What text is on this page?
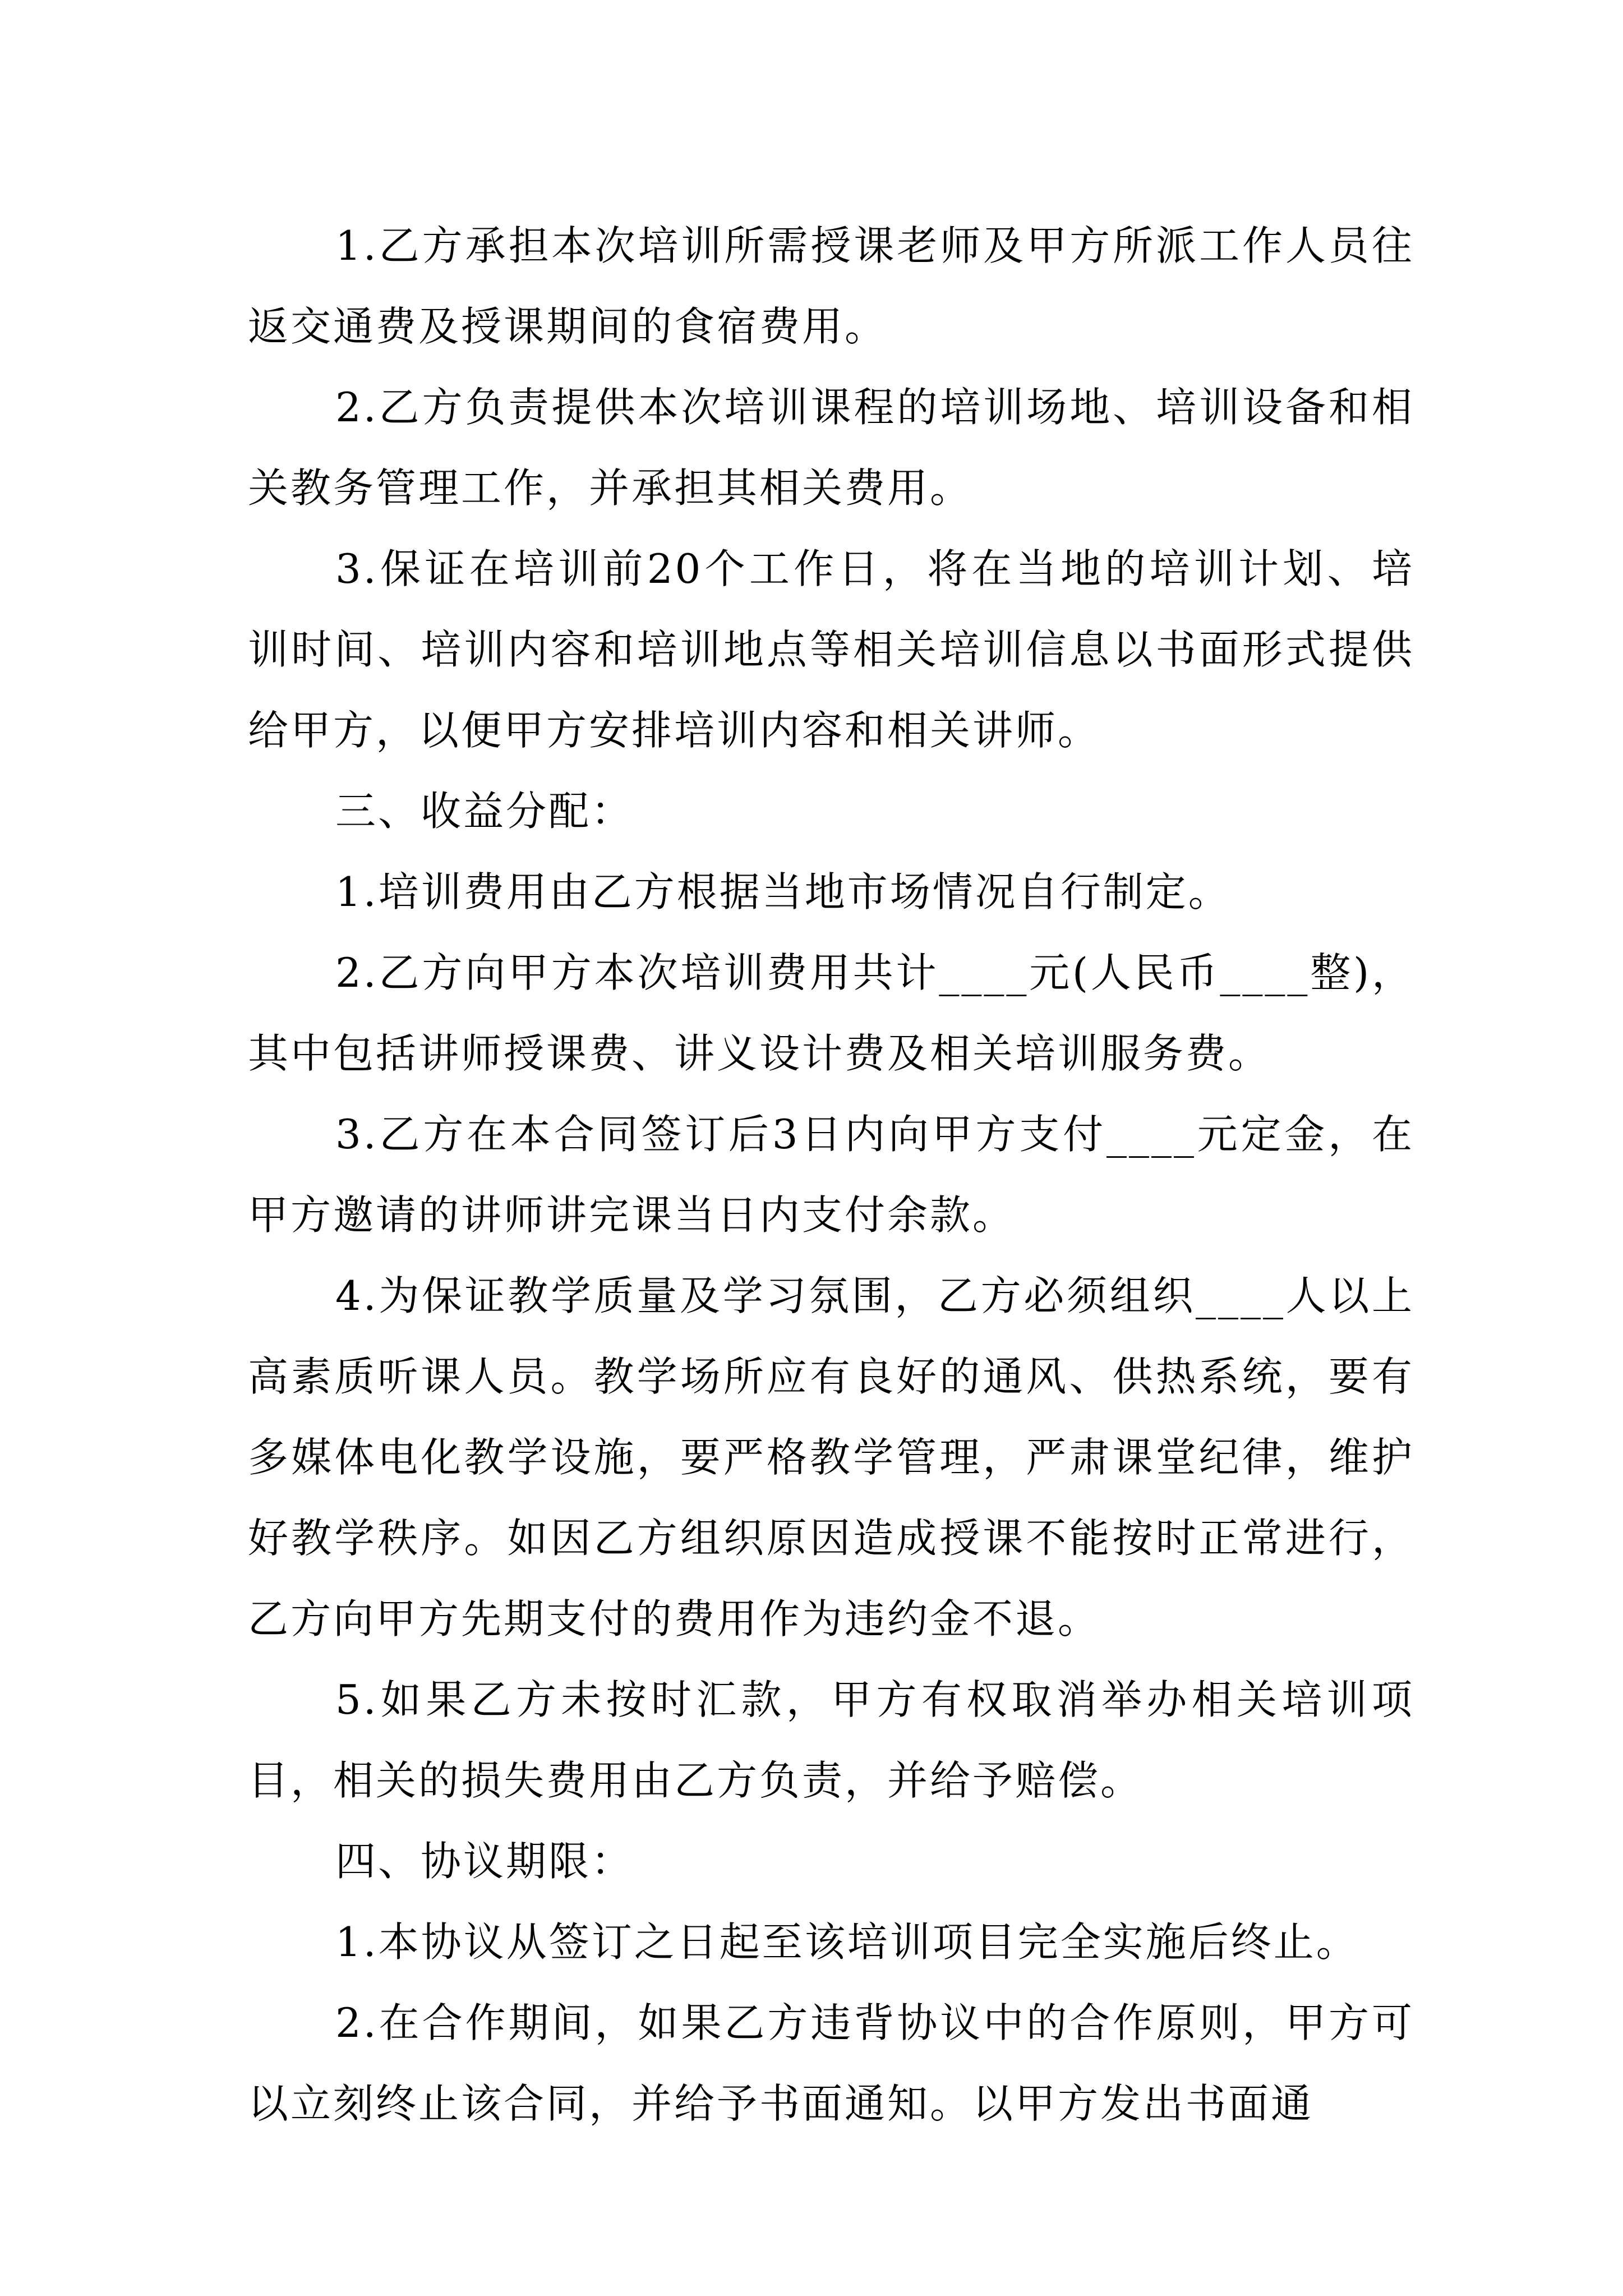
1.乙方承担本次培训所需授课老师及甲方所派工作人员往返交通费及授课期间的食宿费用。

2.乙方负责提供本次培训课程的培训场地、培训设备和相关教务管理工作，并承担其相关费用。

3.保证在培训前20个工作日，将在当地的培训计划、培训时间、培训内容和培训地点等相关培训信息以书面形式提供给甲方，以便甲方安排培训内容和相关讲师。

三、收益分配：

1.培训费用由乙方根据当地市场情况自行制定。

2.乙方向甲方本次培训费用共计____元(人民币____整)，其中包括讲师授课费、讲义设计费及相关培训服务费。

3.乙方在本合同签订后3日内向甲方支付____元定金，在甲方邀请的讲师讲完课当日内支付余款。

4.为保证教学质量及学习氛围，乙方必须组织____人以上高素质听课人员。教学场所应有良好的通风、供热系统，要有多媒体电化教学设施，要严格教学管理，严肃课堂纪律，维护好教学秩序。如因乙方组织原因造成授课不能按时正常进行，乙方向甲方先期支付的费用作为违约金不退。

5.如果乙方未按时汇款，甲方有权取消举办相关培训项目，相关的损失费用由乙方负责，并给予赔偿。

四、协议期限：

1.本协议从签订之日起至该培训项目完全实施后终止。

2.在合作期间，如果乙方违背协议中的合作原则，甲方可以立刻终止该合同，并给予书面通知。以甲方发出书面通
